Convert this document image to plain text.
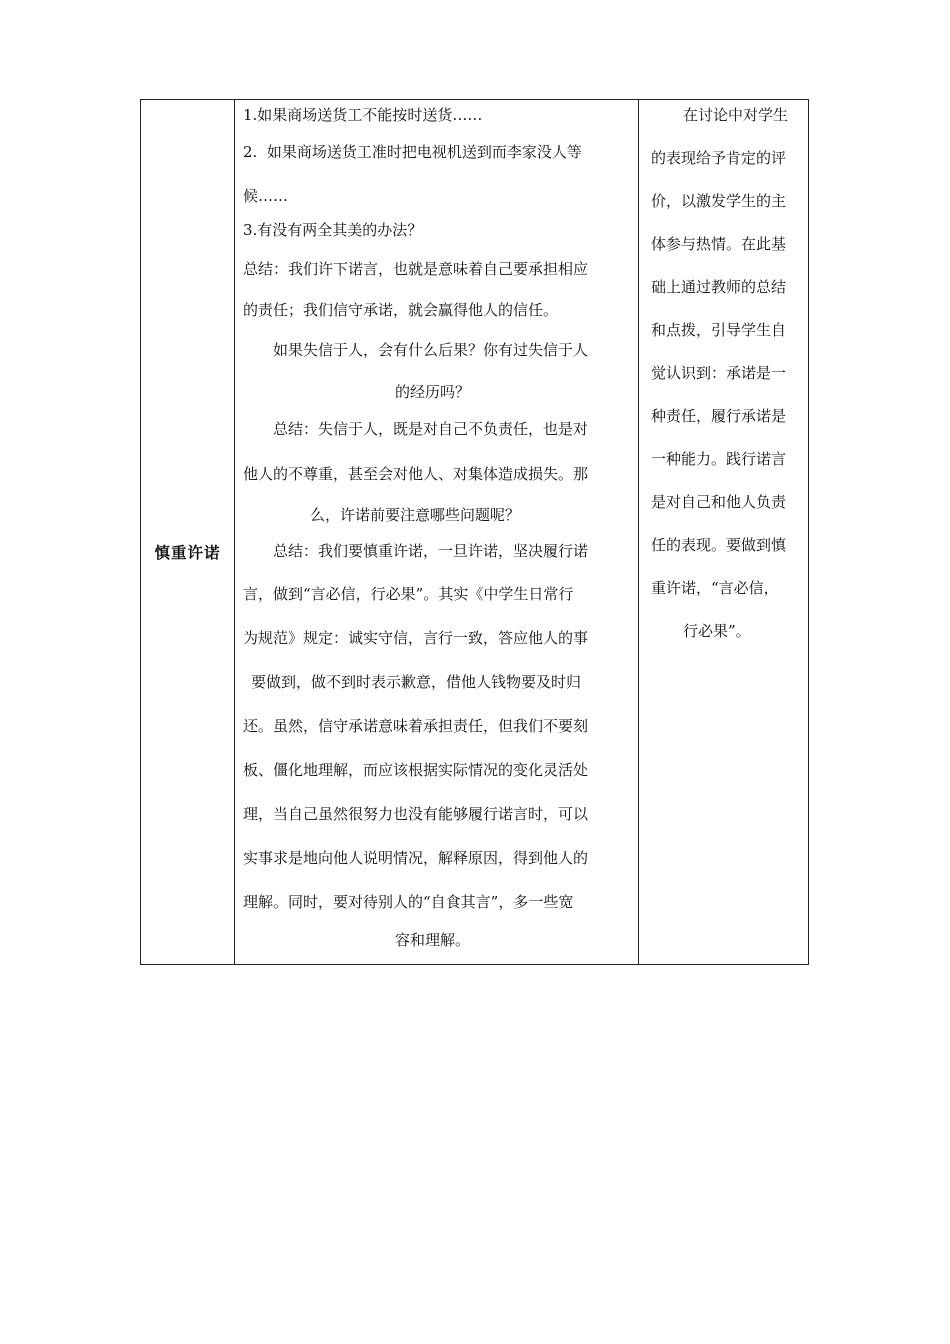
慎重许诺
1.如果商场送货工不能按时送货……
2.  如果商场送货工准时把电视机送到而李家没人等
候……
3.有没有两全其美的办法？
总结：我们许下诺言，也就是意味着自己要承担相应
的责任；我们信守承诺，就会赢得他人的信任。
如果失信于人，会有什么后果？你有过失信于人
的经历吗？
总结：失信于人，既是对自己不负责任，也是对
他人的不尊重，甚至会对他人、对集体造成损失。那
么，许诺前要注意哪些问题呢？
总结：我们要慎重许诺，一旦许诺，坚决履行诺
言，做到“言必信，行必果”。其实《中学生日常行
为规范》规定：诚实守信，言行一致，答应他人的事
要做到，做不到时表示歉意，借他人钱物要及时归
还。虽然，信守承诺意味着承担责任，但我们不要刻
板、僵化地理解，而应该根据实际情况的变化灵活处
理，当自己虽然很努力也没有能够履行诺言时，可以
实事求是地向他人说明情况，解释原因，得到他人的
理解。同时，要对待别人的“自食其言”，多一些宽
容和理解。
在讨论中对学生
的表现给予肯定的评
价，以激发学生的主
体参与热情。在此基
础上通过教师的总结
和点拨，引导学生自
觉认识到：承诺是一
种责任，履行承诺是
一种能力。践行诺言
是对自己和他人负责
任的表现。要做到慎
重许诺，“言必信，
行必果”。
